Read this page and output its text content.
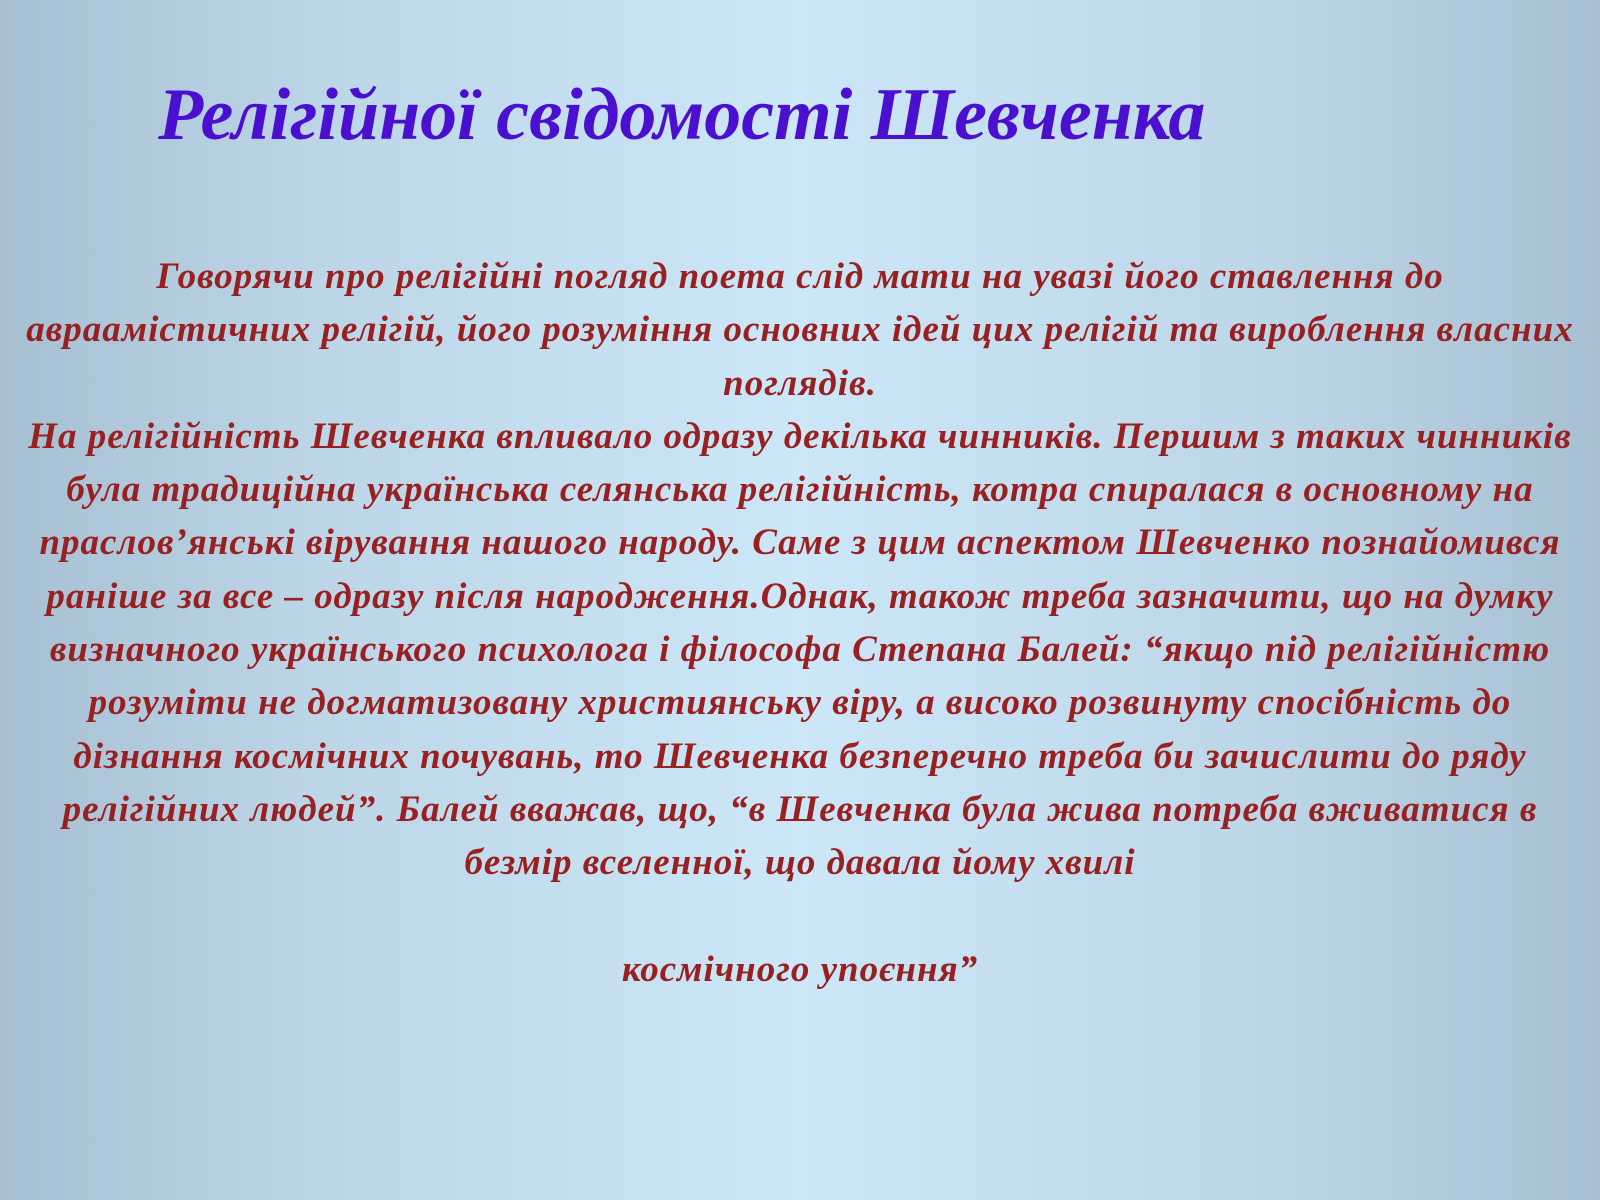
Релігійної свідомості Шевченка

Говорячи про релігійні погляд поета слід мати на увазі його ставлення до авраамістичних релігій, його розуміння основних ідей цих релігій та вироблення власних поглядів.

На релігійність Шевченка впливало одразу декілька чинників. Першим з таких чинників була традиційна українська селянська релігійність, котра спиралася в основному на праслов’янські вірування нашого народу. Саме з цим аспектом Шевченко познайомився раніше за все – одразу після народження.Однак, також треба зазначити, що на думку визначного українського психолога і філософа Степана Балей: “якщо під релігійністю розуміти не догматизовану християнську віру, а високо розвинуту спосібність до дізнання космічних почувань, то Шевченка безперечно треба би зачислити до ряду релігійних людей”. Балей вважав, що, “в Шевченка була жива потреба вживатися в безмір вселенної, що давала йому хвилі

космічного упоєння”
